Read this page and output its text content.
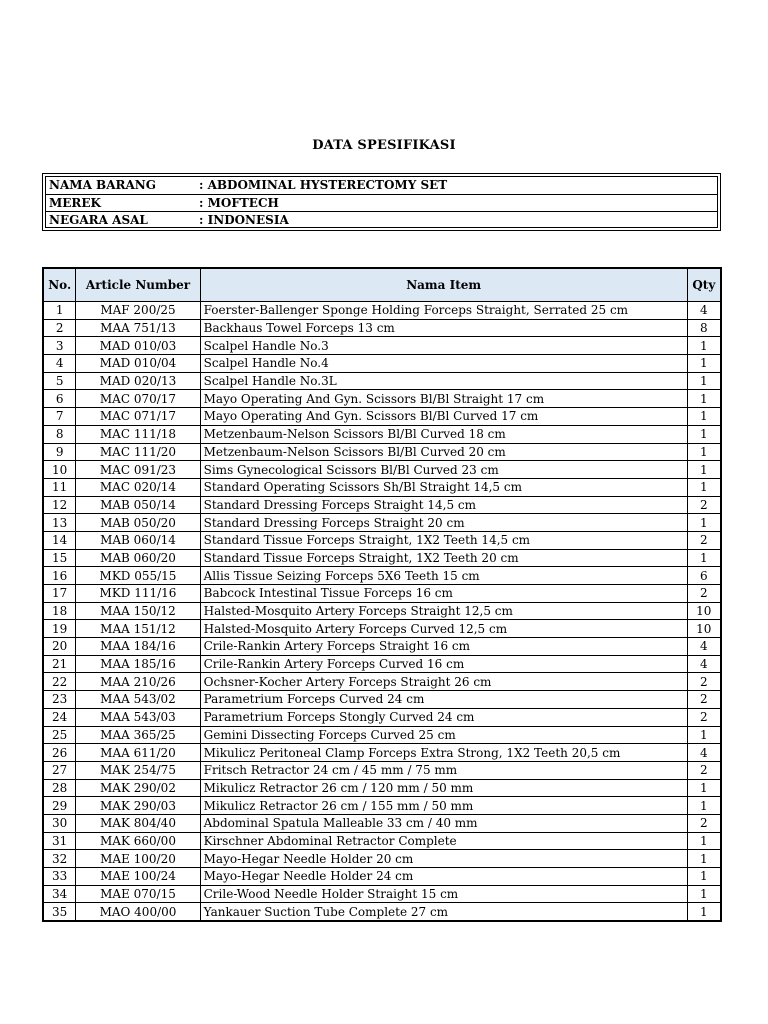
DATA SPESIFIKASI
NAMA BARANG	: ABDOMINAL HYSTERECTOMY SET
MEREK	: MOFTECH
NEGARA ASAL	: INDONESIA
No.	Article Number	Nama Item	Qty
1	MAF 200/25	Foerster-Ballenger Sponge Holding Forceps Straight, Serrated 25 cm	4
2	MAA 751/13	Backhaus Towel Forceps 13 cm	8
3	MAD 010/03	Scalpel Handle No.3	1
4	MAD 010/04	Scalpel Handle No.4	1
5	MAD 020/13	Scalpel Handle No.3L	1
6	MAC 070/17	Mayo Operating And Gyn. Scissors Bl/Bl Straight 17 cm	1
7	MAC 071/17	Mayo Operating And Gyn. Scissors Bl/Bl Curved 17 cm	1
8	MAC 111/18	Metzenbaum-Nelson Scissors Bl/Bl Curved 18 cm	1
9	MAC 111/20	Metzenbaum-Nelson Scissors Bl/Bl Curved 20 cm	1
10	MAC 091/23	Sims Gynecological Scissors Bl/Bl Curved 23 cm	1
11	MAC 020/14	Standard Operating Scissors Sh/Bl Straight 14,5 cm	1
12	MAB 050/14	Standard Dressing Forceps Straight 14,5 cm	2
13	MAB 050/20	Standard Dressing Forceps Straight 20 cm	1
14	MAB 060/14	Standard Tissue Forceps Straight, 1X2 Teeth 14,5 cm	2
15	MAB 060/20	Standard Tissue Forceps Straight, 1X2 Teeth 20 cm	1
16	MKD 055/15	Allis Tissue Seizing Forceps 5X6 Teeth 15 cm	6
17	MKD 111/16	Babcock Intestinal Tissue Forceps 16 cm	2
18	MAA 150/12	Halsted-Mosquito Artery Forceps Straight 12,5 cm	10
19	MAA 151/12	Halsted-Mosquito Artery Forceps Curved 12,5 cm	10
20	MAA 184/16	Crile-Rankin Artery Forceps Straight 16 cm	4
21	MAA 185/16	Crile-Rankin Artery Forceps Curved 16 cm	4
22	MAA 210/26	Ochsner-Kocher Artery Forceps Straight 26 cm	2
23	MAA 543/02	Parametrium Forceps Curved 24 cm	2
24	MAA 543/03	Parametrium Forceps Stongly Curved 24 cm	2
25	MAA 365/25	Gemini Dissecting Forceps Curved 25 cm	1
26	MAA 611/20	Mikulicz Peritoneal Clamp Forceps Extra Strong, 1X2 Teeth 20,5 cm	4
27	MAK 254/75	Fritsch Retractor 24 cm / 45 mm / 75 mm	2
28	MAK 290/02	Mikulicz Retractor 26 cm / 120 mm / 50 mm	1
29	MAK 290/03	Mikulicz Retractor 26 cm / 155 mm / 50 mm	1
30	MAK 804/40	Abdominal Spatula Malleable 33 cm / 40 mm	2
31	MAK 660/00	Kirschner Abdominal Retractor Complete	1
32	MAE 100/20	Mayo-Hegar Needle Holder 20 cm	1
33	MAE 100/24	Mayo-Hegar Needle Holder 24 cm	1
34	MAE 070/15	Crile-Wood Needle Holder Straight 15 cm	1
35	MAO 400/00	Yankauer Suction Tube Complete 27 cm	1
